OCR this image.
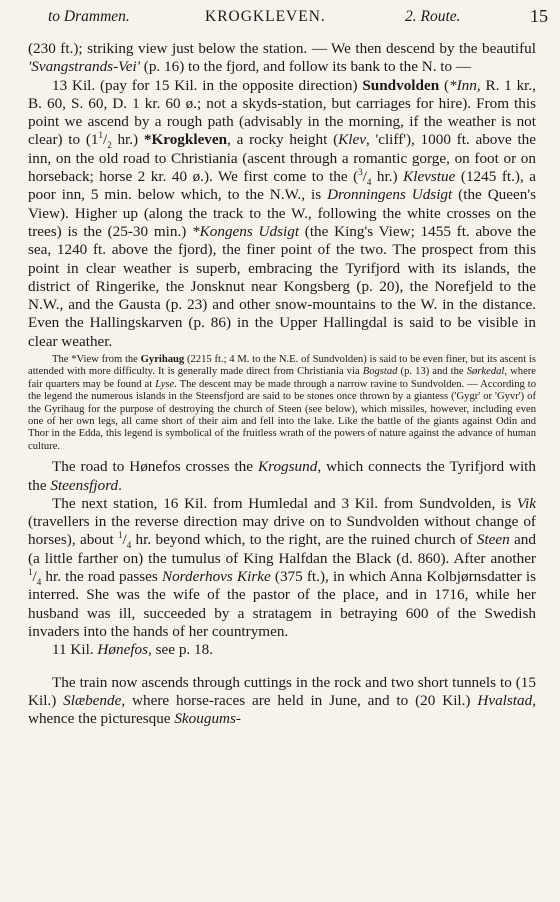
to Drammen.	KROGKLEVEN.	2. Route.	15

(230 ft.); striking view just below the station. — We then descend by the beautiful 'Svangstrands-Vei' (p. 16) to the fjord, and follow its bank to the N. to —

13 Kil. (pay for 15 Kil. in the opposite direction) Sundvolden (*Inn, R. 1 kr., B. 60, S. 60, D. 1 kr. 60 ø.; not a skyds-station, but carriages for hire). From this point we ascend by a rough path (advisably in the morning, if the weather is not clear) to ($1^1/_2$ hr.) *Krogkleven, a rocky height (Klev, 'cliff'), 1000 ft. above the inn, on the old road to Christiania (ascent through a romantic gorge, on foot or on horseback; horse 2 kr. 40 ø.). We first come to the ($^3/_4$ hr.) Klevstue (1245 ft.), a poor inn, 5 min. below which, to the N.W., is Dronningens Udsigt (the Queen's View). Higher up (along the track to the W., following the white crosses on the trees) is the (25-30 min.) *Kongens Udsigt (the King's View; 1455 ft. above the sea, 1240 ft. above the fjord), the finer point of the two. The prospect from this point in clear weather is superb, embracing the Tyrifjord with its islands, the district of Ringerike, the Jonsknut near Kongsberg (p. 20), the Norefjeld to the N.W., and the Gausta (p. 23) and other snow-mountains to the W. in the distance. Even the Hallingskarven (p. 86) in the Upper Hallingdal is said to be visible in clear weather.

The *View from the Gyrihaug (2215 ft.; 4 M. to the N.E. of Sundvolden) is said to be even finer, but its ascent is attended with more difficulty. It is generally made direct from Christiania via Bogstad (p. 13) and the Sørkedal, where fair quarters may be found at Lyse. The descent may be made through a narrow ravine to Sundvolden. — According to the legend the numerous islands in the Steensfjord are said to be stones once thrown by a giantess ('Gygr' or 'Gyvr') of the Gyrihaug for the purpose of destroying the church of Steen (see below), which missiles, however, including even one of her own legs, all came short of their aim and fell into the lake. Like the battle of the giants against Odin and Thor in the Edda, this legend is symbolical of the fruitless wrath of the powers of nature against the advance of human culture.

The road to Hønefos crosses the Krogsund, which connects the Tyrifjord with the Steensfjord.

The next station, 16 Kil. from Humledal and 3 Kil. from Sundvolden, is Vik (travellers in the reverse direction may drive on to Sundvolden without change of horses), about $^1/_4$ hr. beyond which, to the right, are the ruined church of Steen and (a little farther on) the tumulus of King Halfdan the Black (d. 860). After another $^1/_4$ hr. the road passes Norderhovs Kirke (375 ft.), in which Anna Kolbjørnsdatter is interred. She was the wife of the pastor of the place, and in 1716, while her husband was ill, succeeded by a stratagem in betraying 600 of the Swedish invaders into the hands of her countrymen.

11 Kil. Hønefos, see p. 18.

The train now ascends through cuttings in the rock and two short tunnels to (15 Kil.) Slæbende, where horse-races are held in June, and to (20 Kil.) Hvalstad, whence the picturesque Skougums-
